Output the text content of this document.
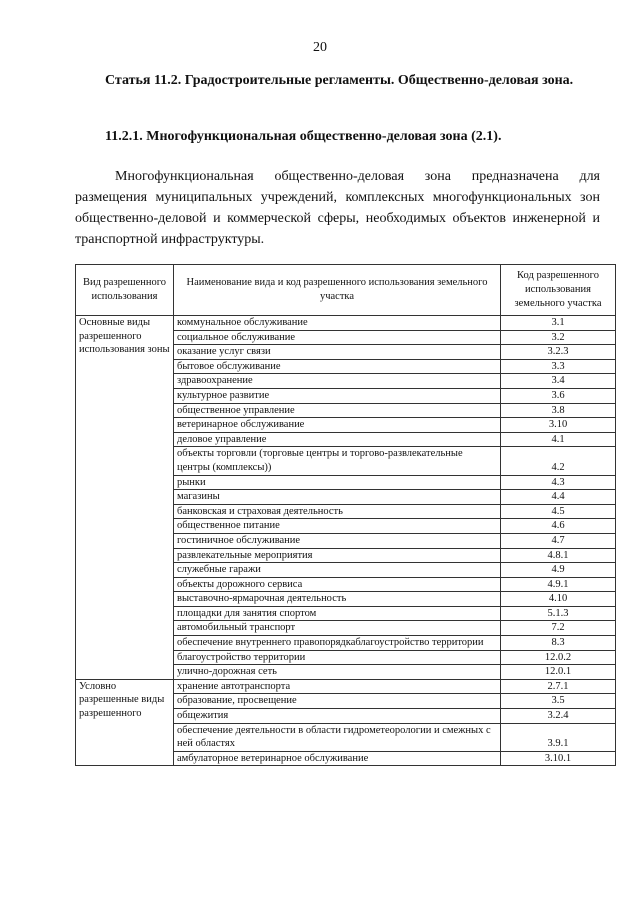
20
Статья 11.2. Градостроительные регламенты. Общественно-деловая зона.
11.2.1. Многофункциональная общественно-деловая зона (2.1).
Многофункциональная общественно-деловая зона предназначена для размещения муниципальных учреждений, комплексных многофункциональных зон общественно-деловой и коммерческой сферы, необходимых объектов инженерной и транспортной инфраструктуры.
Вид разрешенного использования	Наименование вида и код разрешенного использования земельного участка	Код разрешенного использования земельного участка
Основные виды разрешенного использования зоны	коммунальное обслуживание	3.1
	социальное обслуживание	3.2
	оказание услуг связи	3.2.3
	бытовое обслуживание	3.3
	здравоохранение	3.4
	культурное развитие	3.6
	общественное управление	3.8
	ветеринарное обслуживание	3.10
	деловое управление	4.1
	объекты торговли (торговые центры и торгово-развлекательные центры (комплексы))	4.2
	рынки	4.3
	магазины	4.4
	банковская и страховая деятельность	4.5
	общественное питание	4.6
	гостиничное обслуживание	4.7
	развлекательные мероприятия	4.8.1
	служебные гаражи	4.9
	объекты дорожного сервиса	4.9.1
	выставочно-ярмарочная деятельность	4.10
	площадки для занятия спортом	5.1.3
	автомобильный транспорт	7.2
	обеспечение внутреннего правопорядкаблагоустройство территории	8.3
	благоустройство территории	12.0.2
	улично-дорожная сеть	12.0.1
Условно разрешенные виды разрешенного	хранение автотранспорта	2.7.1
	образование, просвещение	3.5
	общежития	3.2.4
	обеспечение деятельности в области гидрометеорологии и смежных с ней областях	3.9.1
	амбулаторное ветеринарное обслуживание	3.10.1
